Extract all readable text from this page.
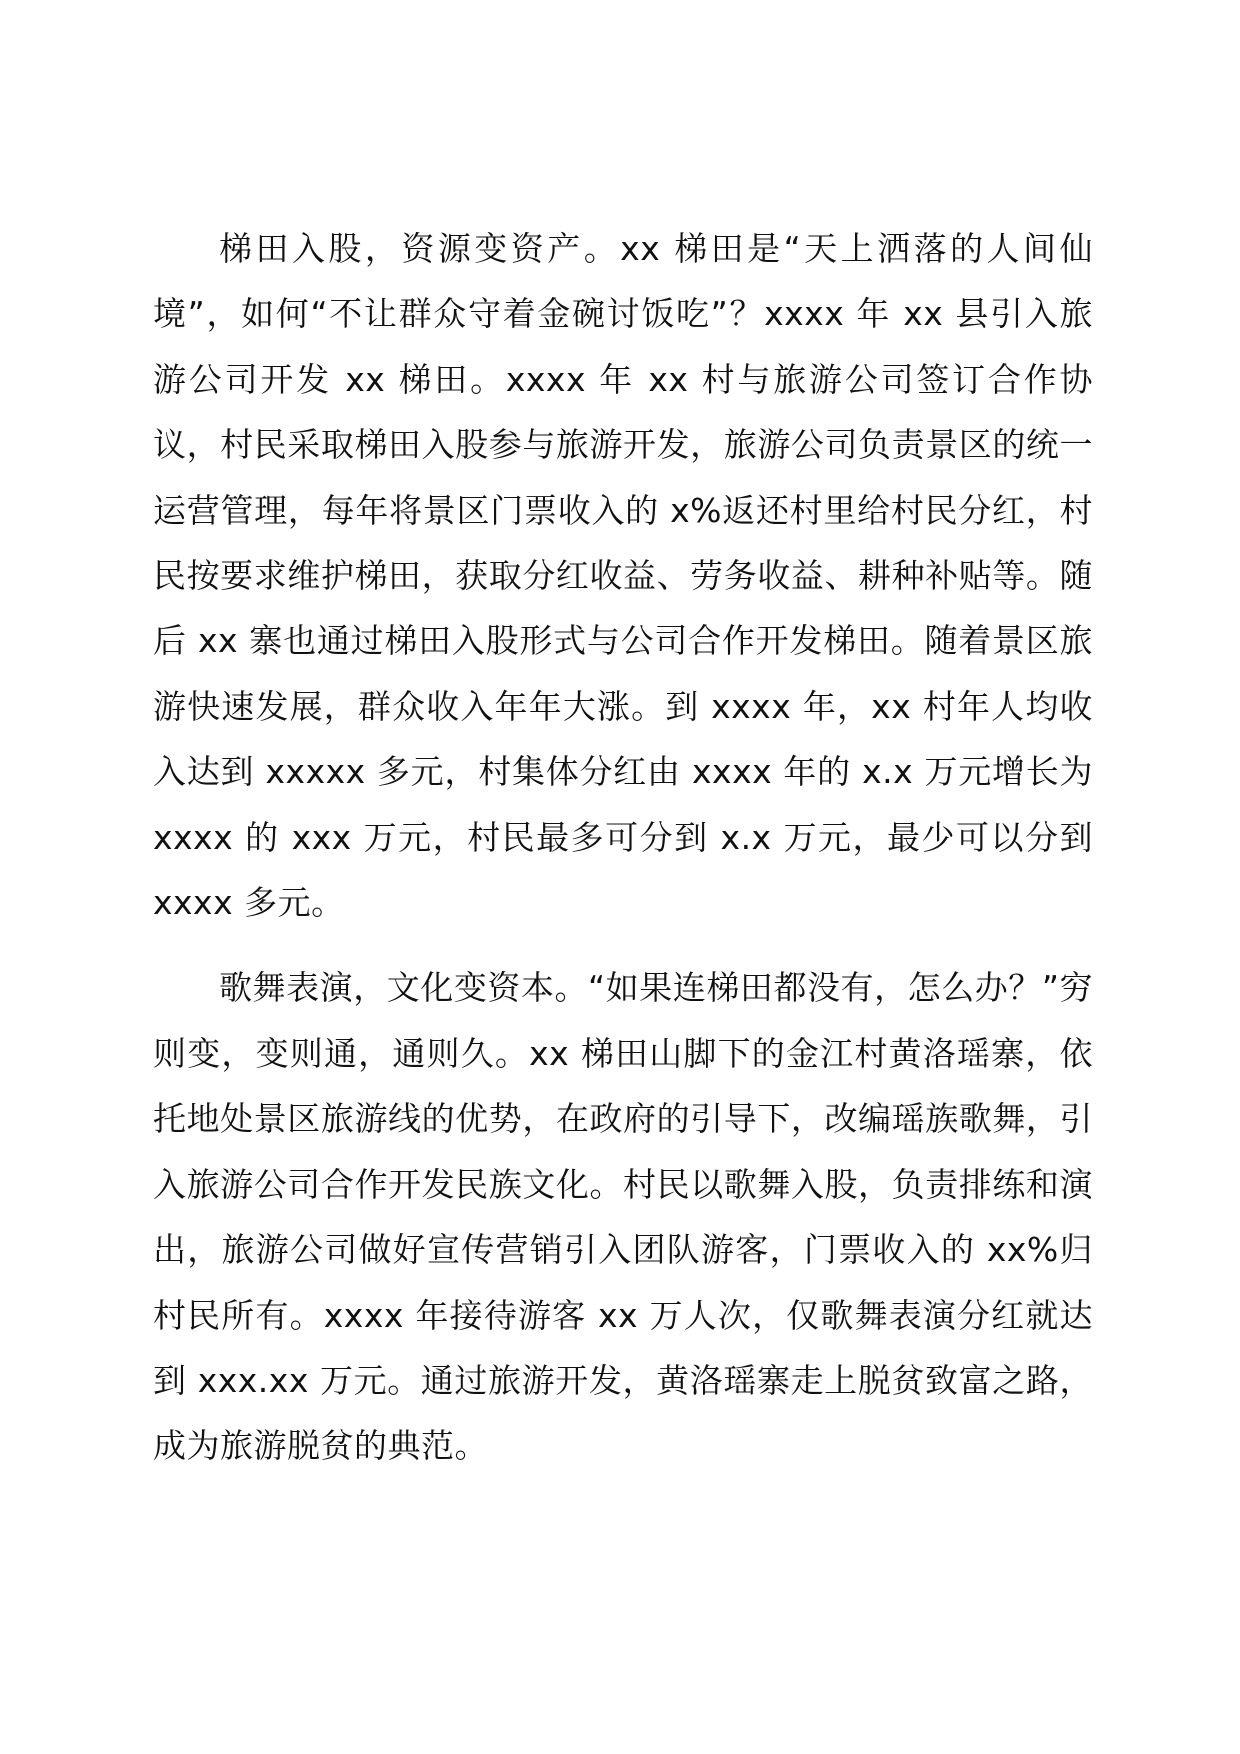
梯田入股，资源变资产。xx 梯田是“天上洒落的人间仙境”，如何“不让群众守着金碗讨饭吃”？xxxx 年 xx 县引入旅游公司开发 xx 梯田。xxxx 年 xx 村与旅游公司签订合作协议，村民采取梯田入股参与旅游开发，旅游公司负责景区的统一运营管理，每年将景区门票收入的 x%返还村里给村民分红，村民按要求维护梯田，获取分红收益、劳务收益、耕种补贴等。随后 xx 寨也通过梯田入股形式与公司合作开发梯田。随着景区旅游快速发展，群众收入年年大涨。到 xxxx 年，xx 村年人均收入达到 xxxxx 多元，村集体分红由 xxxx 年的 x.x 万元增长为 xxxx 的 xxx 万元，村民最多可分到 x.x 万元，最少可以分到 xxxx 多元。

歌舞表演，文化变资本。“如果连梯田都没有，怎么办？”穷则变，变则通，通则久。xx 梯田山脚下的金江村黄洛瑶寨，依托地处景区旅游线的优势，在政府的引导下，改编瑶族歌舞，引入旅游公司合作开发民族文化。村民以歌舞入股，负责排练和演出，旅游公司做好宣传营销引入团队游客，门票收入的 xx%归村民所有。xxxx 年接待游客 xx 万人次，仅歌舞表演分红就达到 xxx.xx 万元。通过旅游开发，黄洛瑶寨走上脱贫致富之路，成为旅游脱贫的典范。
